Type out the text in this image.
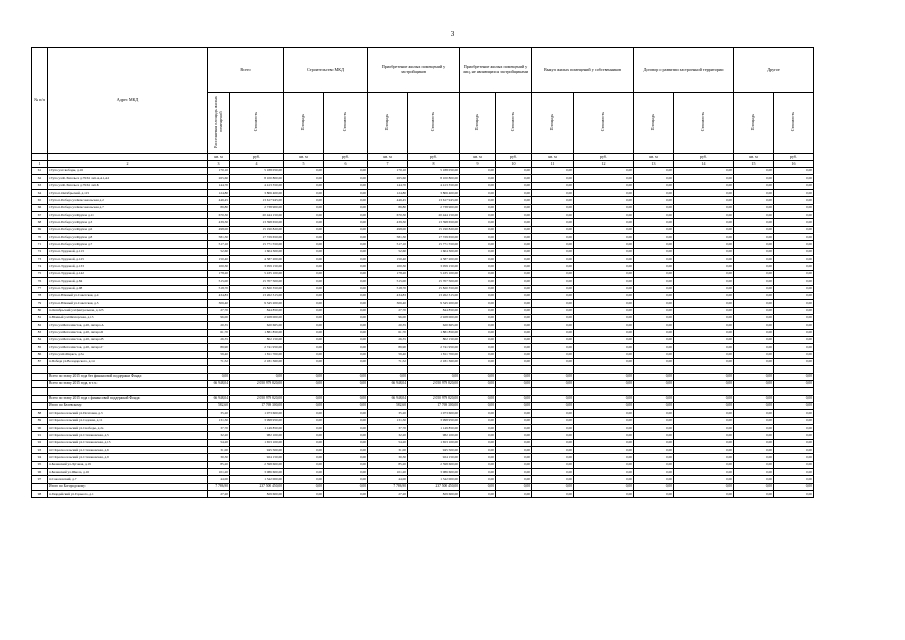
3
№ п/п	Адрес МКД	Всего		Строительство МКД		Приобретение жилых помещений у застройщиков		Приобретение жилых помещений у лиц, не являющихся застройщиками		Выкуп жилых помещений у собственников		Договор о развитии застроенной территории		Другое	
		Расселяемая площадь жилых помещений	Стоимость	Площадь	Стоимость	Площадь	Стоимость	Площадь	Стоимость	Площадь	Стоимость	Площадь	Стоимость	Площадь	Стоимость
		кв. м	руб.	кв. м	руб.	кв. м	руб.	кв. м	руб.	кв. м	руб.	кв. м	руб.	кв. м	руб.
1	2	3	4	5	6	7	8	9	10	11	12	13	14	15	16
61	г.Тула ул.Свободы, д.16	170,10	5 188 050,00	0,00	0,00	170,10	5 188 050,00	0,00	0,00	0,00	0,00	0,00	0,00	0,00	0,00
62	г.Тула ул.Ф.Энгельса д.79/61 лит.А,А1,А2	265,60	8 100 800,00	0,00	0,00	265,60	8 100 800,00	0,00	0,00	0,00	0,00	0,00	0,00	0,00	0,00
63	г.Тула ул.Ф.Энгельса д.79/61 лит.Б	144,70	4 413 350,00	0,00	0,00	144,70	4 413 350,00	0,00	0,00	0,00	0,00	0,00	0,00	0,00	0,00
64	г.Тула п.Октябрьский, д.115	124,80	3 806 400,00	0,00	0,00	124,80	3 806 400,00	0,00	0,00	0,00	0,00	0,00	0,00	0,00	0,00
65	г.Тула п.Победа ул.Комсомольская д.2	446,45	13 617 945,00	0,00	0,00	446,45	13 617 945,00	0,00	0,00	0,00	0,00	0,00	0,00	0,00	0,00
66	г.Тула п.Победа ул.Комсомольская д.7	89,80	2 738 900,00	0,00	0,00	89,80	2 738 900,00	0,00	0,00	0,00	0,00	0,00	0,00	0,00	0,00
67	г.Тула п.Победа ул.Фрунзе д.11	670,30	20 444 150,00	0,00	0,00	670,30	20 444 150,00	0,00	0,00	0,00	0,00	0,00	0,00	0,00	0,00
68	г.Тула п.Победа ул.Фрунзе д.3	439,30	13 398 650,00	0,00	0,00	439,30	13 398 650,00	0,00	0,00	0,00	0,00	0,00	0,00	0,00	0,00
69	г.Тула п.Победа ул.Фрунзе д.6	498,00	15 190 820,00	0,00	0,00	498,00	15 190 820,00	0,00	0,00	0,00	0,00	0,00	0,00	0,00	0,00
70	г.Тула п.Победа ул.Фрунзе д.8	581,30	17 729 650,00	0,00	0,00	581,30	17 729 650,00	0,00	0,00	0,00	0,00	0,00	0,00	0,00	0,00
71	г.Тула п.Победа ул.Фрунзе д.7	517,10	15 771 550,00	0,00	0,00	517,10	15 771 550,00	0,00	0,00	0,00	0,00	0,00	0,00	0,00	0,00
72	г.Тула п.Трудовой, д.113	52,60	1 604 300,00	0,00	0,00	52,60	1 604 300,00	0,00	0,00	0,00	0,00	0,00	0,00	0,00	0,00
73	г.Тула п.Трудовой, д.125	150,40	4 587 200,00	0,00	0,00	150,40	4 587 200,00	0,00	0,00	0,00	0,00	0,00	0,00	0,00	0,00
74	г.Тула п.Трудовой, д.133	100,30	3 059 150,00	0,00	0,00	100,30	3 059 150,00	0,00	0,00	0,00	0,00	0,00	0,00	0,00	0,00
75	г.Тула п.Трудовой, д.142	178,20	5 435 100,00	0,00	0,00	178,20	5 435 100,00	0,00	0,00	0,00	0,00	0,00	0,00	0,00	0,00
76	г.Тула п.Трудовой, д.84	515,00	15 707 500,00	0,00	0,00	515,00	15 707 500,00	0,00	0,00	0,00	0,00	0,00	0,00	0,00	0,00
77	г.Тула п.Трудовой, д.98	518,70	15 820 350,00	0,00	0,00	518,70	15 820 350,00	0,00	0,00	0,00	0,00	0,00	0,00	0,00	0,00
78	г.Тула п.Южный ул.Советская, д.4	434,83	13 262 315,00	0,00	0,00	434,83	13 262 315,00	0,00	0,00	0,00	0,00	0,00	0,00	0,00	0,00
79	г.Тула п.Южный ул.Советская, д.5	306,40	9 345 200,00	0,00	0,00	306,40	9 345 200,00	0,00	0,00	0,00	0,00	0,00	0,00	0,00	0,00
80	п.Октябрьский ул.Центральная, д.123	27,70	844 850,00	0,00	0,00	27,70	844 850,00	0,00	0,00	0,00	0,00	0,00	0,00	0,00	0,00
81	п.Южный ул.Шахтерская, д.13	96,00	2 928 000,00	0,00	0,00	96,00	2 928 000,00	0,00	0,00	0,00	0,00	0,00	0,00	0,00	0,00
82	г.Тула ул.Металлистов, д.20, литера А	20,35	620 665,00	0,00	0,00	20,35	620 665,00	0,00	0,00	0,00	0,00	0,00	0,00	0,00	0,00
83	г.Тула ул.Металлистов, д.20, литера Б	61,70	1 881 850,00	0,00	0,00	61,70	1 881 850,00	0,00	0,00	0,00	0,00	0,00	0,00	0,00	0,00
84	г.Тула ул.Металлистов, д.20, литера В	26,35	802 150,00	0,00	0,00	26,35	802 150,00	0,00	0,00	0,00	0,00	0,00	0,00	0,00	0,00
85	г.Тула ул.Металлистов, д.20, литера Г	89,90	2 741 950,00	0,00	0,00	89,90	2 741 950,00	0,00	0,00	0,00	0,00	0,00	0,00	0,00	0,00
86	г.Тула ул.К.Маркса, д.5а	59,40	1 811 700,00	0,00	0,00	59,40	1 811 700,00	0,00	0,00	0,00	0,00	0,00	0,00	0,00	0,00
87	п.Победа ул.Володарского, д.14	71,52	2 181 360,00	0,00	0,00	71,52	2 181 360,00	0,00	0,00	0,00	0,00	0,00	0,00	0,00	0,00

	Всего по этапу 2015 года без финансовой поддержки Фонда:	0,00	0,00	0,00	0,00	0,00	0,00	0,00	0,00	0,00	0,00	0,00	0,00	0,00	0,00
	Всего по этапу 2015 года, в т.ч.:	66 948,04	2 050 979 820,00	0,00	0,00	66 948,04	2 050 979 820,00	0,00	0,00	0,00	0,00	0,00	0,00	0,00	0,00

	Всего по этапу 2015 года с финансовой поддержкой Фонда:	66 948,04	2 050 979 820,00	0,00	0,00	66 948,04	2 050 979 820,00	0,00	0,00	0,00	0,00	0,00	0,00	0,00	0,00
	Итого по Белевскому:	582,60	17 769 300,00	0,00	0,00	582,60	17 769 300,00	0,00	0,00	0,00	0,00	0,00	0,00	0,00	0,00
88	пгт Красносельский ул.Почтовая, д.3	35,20	1 073 600,00	0,00	0,00	35,20	1 073 600,00	0,00	0,00	0,00	0,00	0,00	0,00	0,00	0,00
89	пгт Красносельский ул.Садовая, д.11	131,30	3 998 950,00	0,00	0,00	131,30	3 998 950,00	0,00	0,00	0,00	0,00	0,00	0,00	0,00	0,00
90	пгт Красносельский ул.Свободы, д.2а	37,70	1 149 850,00	0,00	0,00	37,70	1 149 850,00	0,00	0,00	0,00	0,00	0,00	0,00	0,00	0,00
91	пгт Красносельский ул.Стахановская, д.5	32,20	982 100,00	0,00	0,00	32,20	982 100,00	0,00	0,00	0,00	0,00	0,00	0,00	0,00	0,00
92	пгт Красносельский ул.Стахановская, д.13	54,20	1 653 100,00	0,00	0,00	54,20	1 653 100,00	0,00	0,00	0,00	0,00	0,00	0,00	0,00	0,00
93	пгт Красносельский ул.Стахановская, д.6	31,00	945 500,00	0,00	0,00	31,00	945 500,00	0,00	0,00	0,00	0,00	0,00	0,00	0,00	0,00
94	пгт Красносельский ул.Стахановская, д.9	30,30	924 150,00	0,00	0,00	30,30	924 150,00	0,00	0,00	0,00	0,00	0,00	0,00	0,00	0,00
95	п.Белевский ул.Луговая, д.19	85,20	2 598 600,00	0,00	0,00	85,20	2 598 600,00	0,00	0,00	0,00	0,00	0,00	0,00	0,00	0,00
96	п.Белевский ул.Школа, д.16	101,20	3 086 600,00	0,00	0,00	101,20	3 086 600,00	0,00	0,00	0,00	0,00	0,00	0,00	0,00	0,00
97	п.Соколовский, д.7	44,00	1 342 000,00	0,00	0,00	44,00	1 342 000,00	0,00	0,00	0,00	0,00	0,00	0,00	0,00	0,00
	Итого по Богородскому:	7 786,90	237 500 450,00	0,00	0,00	7 786,90	237 500 450,00	0,00	0,00	0,00	0,00	0,00	0,00	0,00	0,00
98	п.Гвардейский ул.Горького, д.1	27,20	829 600,00	0,00	0,00	27,20	829 600,00	0,00	0,00	0,00	0,00	0,00	0,00	0,00	0,00
